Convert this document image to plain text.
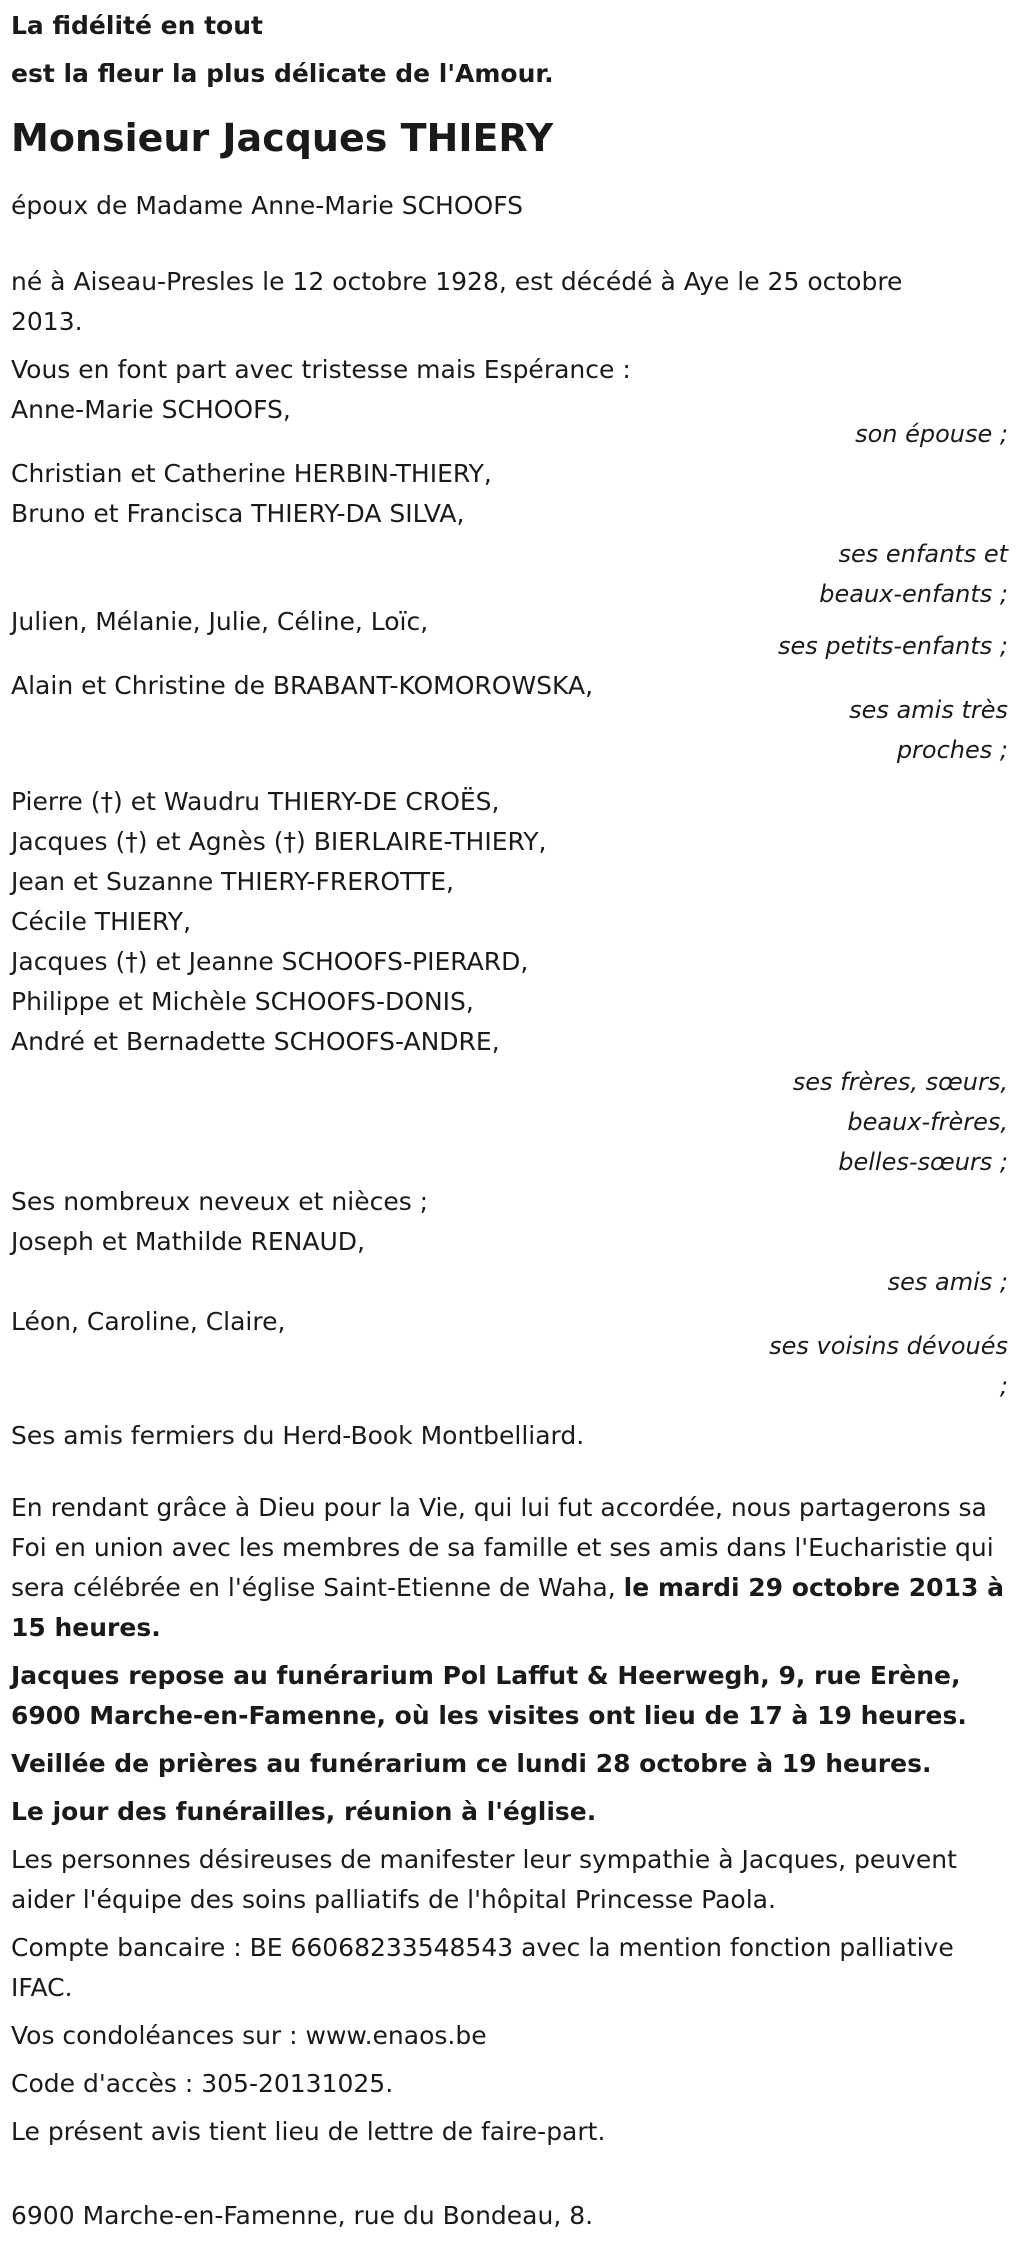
La fidélité en tout

est la fleur la plus délicate de l'Amour.

Monsieur Jacques THIERY

époux de Madame Anne-Marie SCHOOFS

né à Aiseau-Presles le 12 octobre 1928, est décédé à Aye le 25 octobre

2013.

Vous en font part avec tristesse mais Espérance :

Anne-Marie SCHOOFS,

son épouse ;

Christian et Catherine HERBIN-THIERY,

Bruno et Francisca THIERY-DA SILVA,

ses enfants et
beaux-enfants ;

Julien, Mélanie, Julie, Céline, Loïc,

ses petits-enfants ;

Alain et Christine de BRABANT-KOMOROWSKA,

ses amis très
proches ;

Pierre (†) et Waudru THIERY-DE CROËS,

Jacques (†) et Agnès (†) BIERLAIRE-THIERY,

Jean et Suzanne THIERY-FREROTTE,

Cécile THIERY,

Jacques (†) et Jeanne SCHOOFS-PIERARD,

Philippe et Michèle SCHOOFS-DONIS,

André et Bernadette SCHOOFS-ANDRE,

ses frères, sœurs,
beaux-frères,
belles-sœurs ;

Ses nombreux neveux et nièces ;

Joseph et Mathilde RENAUD,

ses amis ;

Léon, Caroline, Claire,

ses voisins dévoués
;

Ses amis fermiers du Herd-Book Montbelliard.

En rendant grâce à Dieu pour la Vie, qui lui fut accordée, nous partagerons sa Foi en union avec les membres de sa famille et ses amis dans l'Eucharistie qui sera célébrée en l'église Saint-Etienne de Waha, le mardi 29 octobre 2013 à 15 heures.

Jacques repose au funérarium Pol Laffut & Heerwegh, 9, rue Erène, 6900 Marche-en-Famenne, où les visites ont lieu de 17 à 19 heures.

Veillée de prières au funérarium ce lundi 28 octobre à 19 heures.

Le jour des funérailles, réunion à l'église.

Les personnes désireuses de manifester leur sympathie à Jacques, peuvent aider l'équipe des soins palliatifs de l'hôpital Princesse Paola.

Compte bancaire : BE 66068233548543 avec la mention fonction palliative IFAC.

Vos condoléances sur : www.enaos.be

Code d'accès : 305-20131025.

Le présent avis tient lieu de lettre de faire-part.

6900 Marche-en-Famenne, rue du Bondeau, 8.
